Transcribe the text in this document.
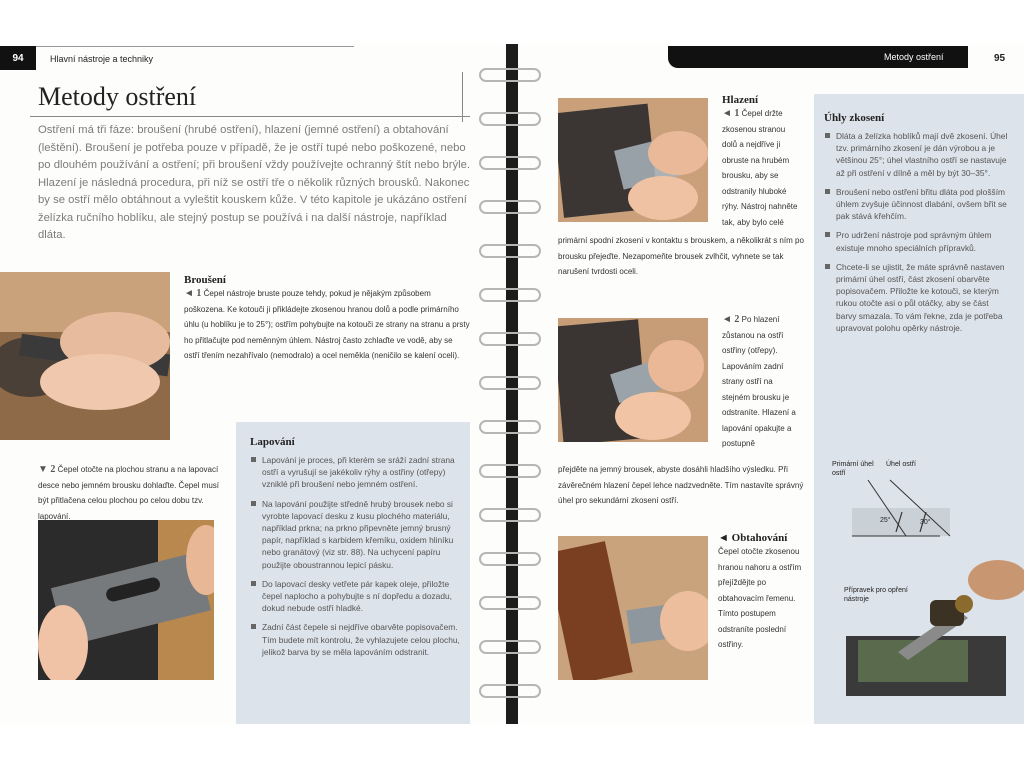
94	Hlavní nástroje a techniky
Metody ostření
Ostření má tři fáze: broušení (hrubé ostření), hlazení (jemné ostření) a obtahování (leštění). Broušení je potřeba pouze v případě, že je ostří tupé nebo poškozené, nebo po dlouhém používání a ostření; při broušení vždy používejte ochranný štít nebo brýle. Hlazení je následná procedura, při níž se ostří tře o několik různých brousků. Nakonec by se ostří mělo obtáhnout a vyleštit kouskem kůže. V této kapitole je ukázáno ostření želízka ručního hoblíku, ale stejný postup se používá i na další nástroje, například dláta.
Broušení
◄ 1 Čepel nástroje bruste pouze tehdy, pokud je nějakým způsobem poškozena. Ke kotouči ji přikládejte zkosenou hranou dolů a podle primárního úhlu (u hoblíku je to 25°); ostřím pohybujte na kotouči ze strany na stranu a prsty ho přitlačujte pod neměnným úhlem. Nástroj často zchlaďte ve vodě, aby se ostří třením nezahřívalo (nemodralo) a ocel neměkla (neničilo se kalení oceli).
▼ 2 Čepel otočte na plochou stranu a na lapovací desce nebo jemném brousku dohlaďte. Čepel musí být přitlačena celou plochou po celou dobu tzv. lapování.
Lapování
Lapování je proces, při kterém se sráží zadní strana ostří a vyrušují se jakékoliv rýhy a ostřiny (otřepy) vzniklé při broušení nebo jemném ostření.
Na lapování použijte středně hrubý brousek nebo si vyrobte lapovací desku z kusu plochého materiálu, například prkna; na prkno připevněte jemný brusný papír, například s karbidem křemíku, oxidem hliníku nebo granátový (viz str. 88). Na uchycení papíru použijte oboustrannou lepicí pásku.
Do lapovací desky vetřete pár kapek oleje, přiložte čepel naplocho a pohybujte s ní dopředu a dozadu, dokud nebude ostří hladké.
Zadní část čepele si nejdříve obarvěte popisovačem. Tím budete mít kontrolu, že vyhlazujete celou plochu, jelikož barva by se měla lapováním odstranit.
Metody ostření	95
Hlazení
◄ 1 Čepel držte zkosenou stranou dolů a nejdříve ji obruste na hrubém brousku, aby se odstranily hluboké rýhy. Nástroj nahněte tak, aby bylo celé
primární spodní zkosení v kontaktu s brouskem, a několikrát s ním po brousku přejeďte. Nezapomeňte brousek zvlhčit, vyhnete se tak narušení tvrdosti oceli.
◄ 2 Po hlazení zůstanou na ostří ostřiny (otřepy). Lapováním zadní strany ostří na stejném brousku je odstraníte. Hlazení a lapování opakujte a postupně
přejděte na jemný brousek, abyste dosáhli hladšího výsledku. Při závěrečném hlazení čepel lehce nadzvedněte. Tím nastavíte správný úhel pro sekundární zkosení ostří.
◄ Obtahování
Čepel otočte zkosenou hranou nahoru a ostřím přejíždějte po obtahovacím řemenu. Tímto postupem odstraníte poslední ostřiny.
Úhly zkosení
Dláta a želízka hoblíků mají dvě zkosení. Úhel tzv. primárního zkosení je dán výrobou a je většinou 25°; úhel vlastního ostří se nastavuje až při ostření v dílně a měl by být 30–35°.
Broušení nebo ostření břitu dláta pod plošším úhlem zvyšuje účinnost dlabání, ovšem břit se pak stává křehčím.
Pro udržení nástroje pod správným úhlem existuje mnoho speciálních přípravků.
Chcete-li se ujistit, že máte správně nastaven primární úhel ostří, část zkosení obarvěte popisovačem. Přiložte ke kotouči, se kterým rukou otočte asi o půl otáčky, aby se část barvy smazala. To vám řekne, zda je potřeba upravovat polohu opěrky nástroje.
Primární úhel ostří
Úhel ostří
25°	30°
Přípravek pro opření nástroje
